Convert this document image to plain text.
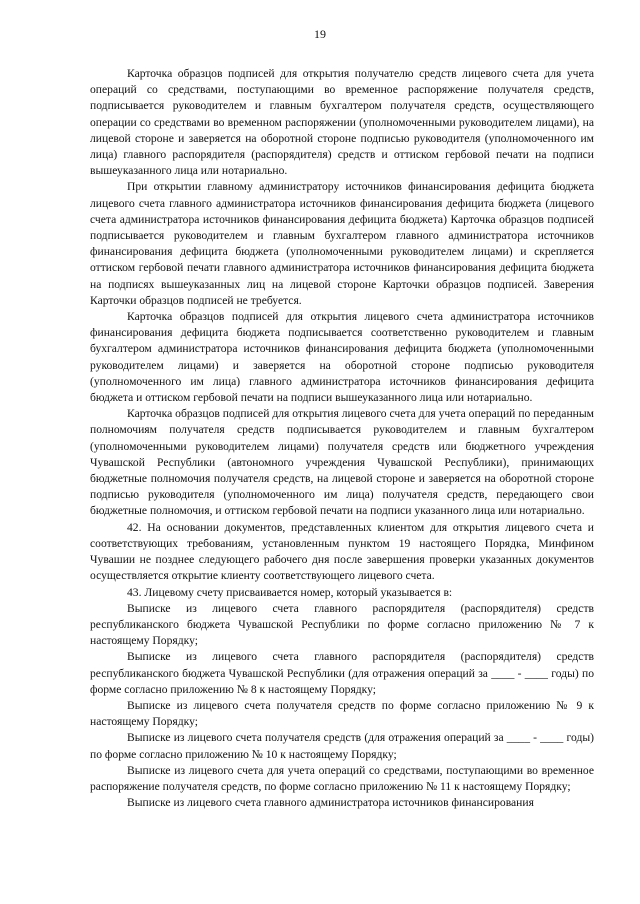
19

Карточка образцов подписей для открытия получателю средств лицевого счета для учета операций со средствами, поступающими во временное распоряжение получателя средств, подписывается руководителем и главным бухгалтером получателя средств, осуществляющего операции со средствами во временном распоряжении (уполномоченными руководителем лицами), на лицевой стороне и заверяется на оборотной стороне подписью руководителя (уполномоченного им лица) главного распорядителя (распорядителя) средств и оттиском гербовой печати на подписи вышеуказанного лица или нотариально.

При открытии главному администратору источников финансирования дефицита бюджета лицевого счета главного администратора источников финансирования дефицита бюджета (лицевого счета администратора источников финансирования дефицита бюджета) Карточка образцов подписей подписывается руководителем и главным бухгалтером главного администратора источников финансирования дефицита бюджета (уполномоченными руководителем лицами) и скрепляется оттиском гербовой печати главного администратора источников финансирования дефицита бюджета на подписях вышеуказанных лиц на лицевой стороне Карточки образцов подписей. Заверения Карточки образцов подписей не требуется.

Карточка образцов подписей для открытия лицевого счета администратора источников финансирования дефицита бюджета подписывается соответственно руководителем и главным бухгалтером администратора источников финансирования дефицита бюджета (уполномоченными руководителем лицами) и заверяется на оборотной стороне подписью руководителя (уполномоченного им лица) главного администратора источников финансирования дефицита бюджета и оттиском гербовой печати на подписи вышеуказанного лица или нотариально.

Карточка образцов подписей для открытия лицевого счета для учета операций по переданным полномочиям получателя средств подписывается руководителем и главным бухгалтером (уполномоченными руководителем лицами) получателя средств или бюджетного учреждения Чувашской Республики (автономного учреждения Чувашской Республики), принимающих бюджетные полномочия получателя средств, на лицевой стороне и заверяется на оборотной стороне подписью руководителя (уполномоченного им лица) получателя средств, передающего свои бюджетные полномочия, и оттиском гербовой печати на подписи указанного лица или нотариально.

42. На основании документов, представленных клиентом для открытия лицевого счета и соответствующих требованиям, установленным пунктом 19 настоящего Порядка, Минфином Чувашии не позднее следующего рабочего дня после завершения проверки указанных документов осуществляется открытие клиенту соответствующего лицевого счета.

43. Лицевому счету присваивается номер, который указывается в:

Выписке из лицевого счета главного распорядителя (распорядителя) средств республиканского бюджета Чувашской Республики по форме согласно приложению № 7 к настоящему Порядку;

Выписке из лицевого счета главного распорядителя (распорядителя) средств республиканского бюджета Чувашской Республики (для отражения операций за ____ - ____ годы) по форме согласно приложению № 8 к настоящему Порядку;

Выписке из лицевого счета получателя средств по форме согласно приложению № 9 к настоящему Порядку;

Выписке из лицевого счета получателя средств (для отражения операций за ____ - ____ годы) по форме согласно приложению № 10 к настоящему Порядку;

Выписке из лицевого счета для учета операций со средствами, поступающими во временное распоряжение получателя средств, по форме согласно приложению № 11 к настоящему Порядку;

Выписке из лицевого счета главного администратора источников финансирования
